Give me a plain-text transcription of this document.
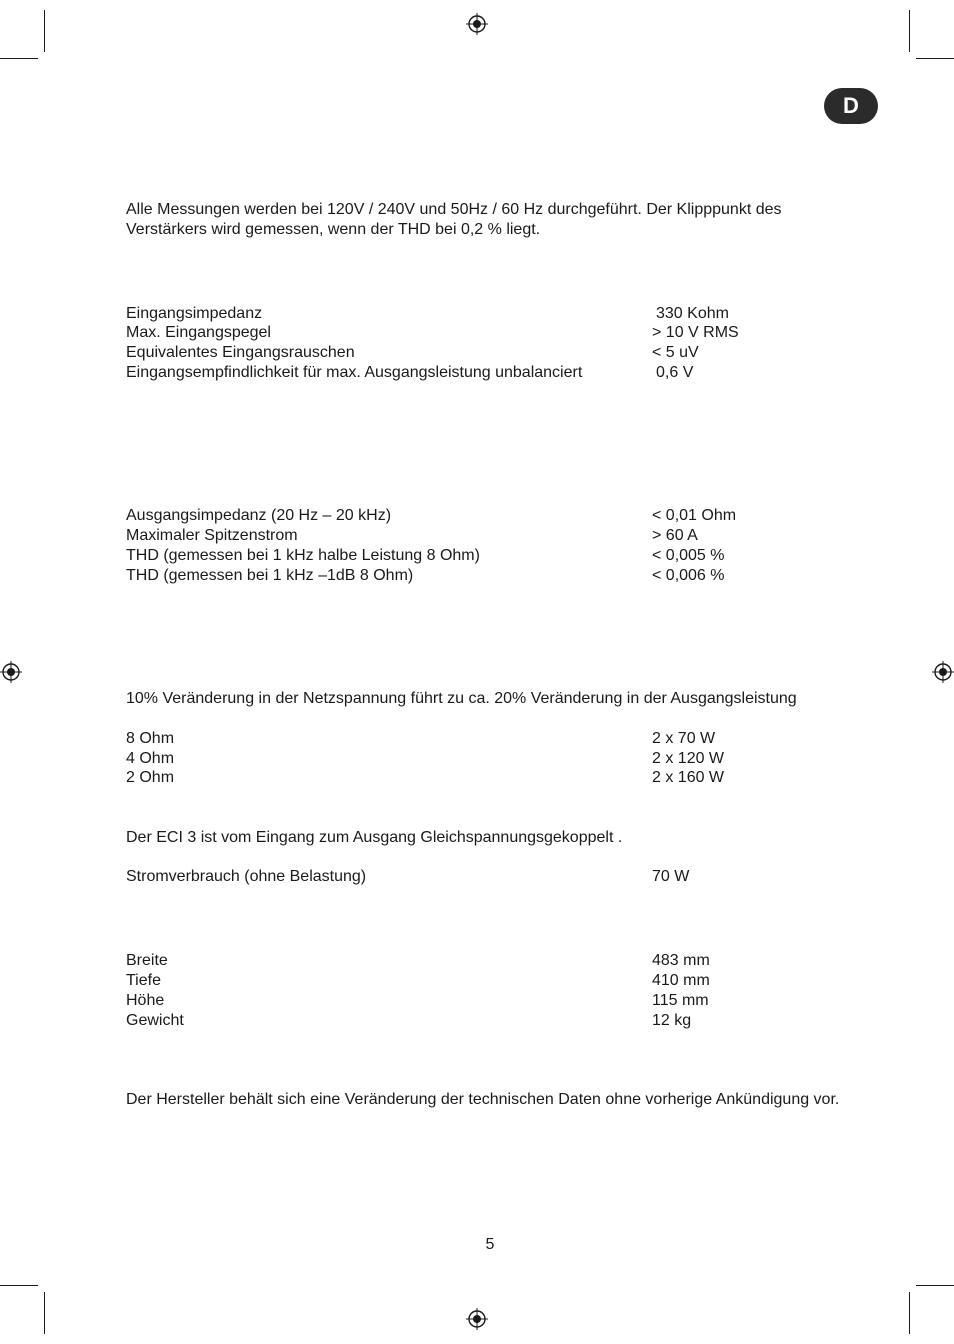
D
Alle Messungen werden bei 120V / 240V und 50Hz / 60 Hz durchgeführt. Der Klipppunkt des Verstärkers wird gemessen, wenn der THD bei 0,2 % liegt.
Eingangsimpedanz	330 Kohm
Max. Eingangspegel	> 10 V RMS
Equivalentes Eingangsrauschen	< 5 uV
Eingangsempfindlichkeit für max. Ausgangsleistung unbalanciert	0,6 V
Ausgangsimpedanz (20 Hz – 20 kHz)	< 0,01 Ohm
Maximaler Spitzenstrom	> 60 A
THD (gemessen bei 1 kHz halbe Leistung 8 Ohm)	< 0,005 %
THD (gemessen bei 1 kHz –1dB 8 Ohm)	< 0,006 %
10% Veränderung in der Netzspannung führt zu ca. 20% Veränderung in der Ausgangsleistung
8 Ohm	2 x 70 W
4 Ohm	2 x 120 W
2 Ohm	2 x 160 W
Der ECI 3 ist vom Eingang zum Ausgang Gleichspannungsgekoppelt .
Stromverbrauch (ohne Belastung)	70 W
Breite	483 mm
Tiefe	410 mm
Höhe	115 mm
Gewicht	12 kg
Der Hersteller behält sich eine Veränderung der technischen Daten ohne vorherige Ankündigung vor.
5
